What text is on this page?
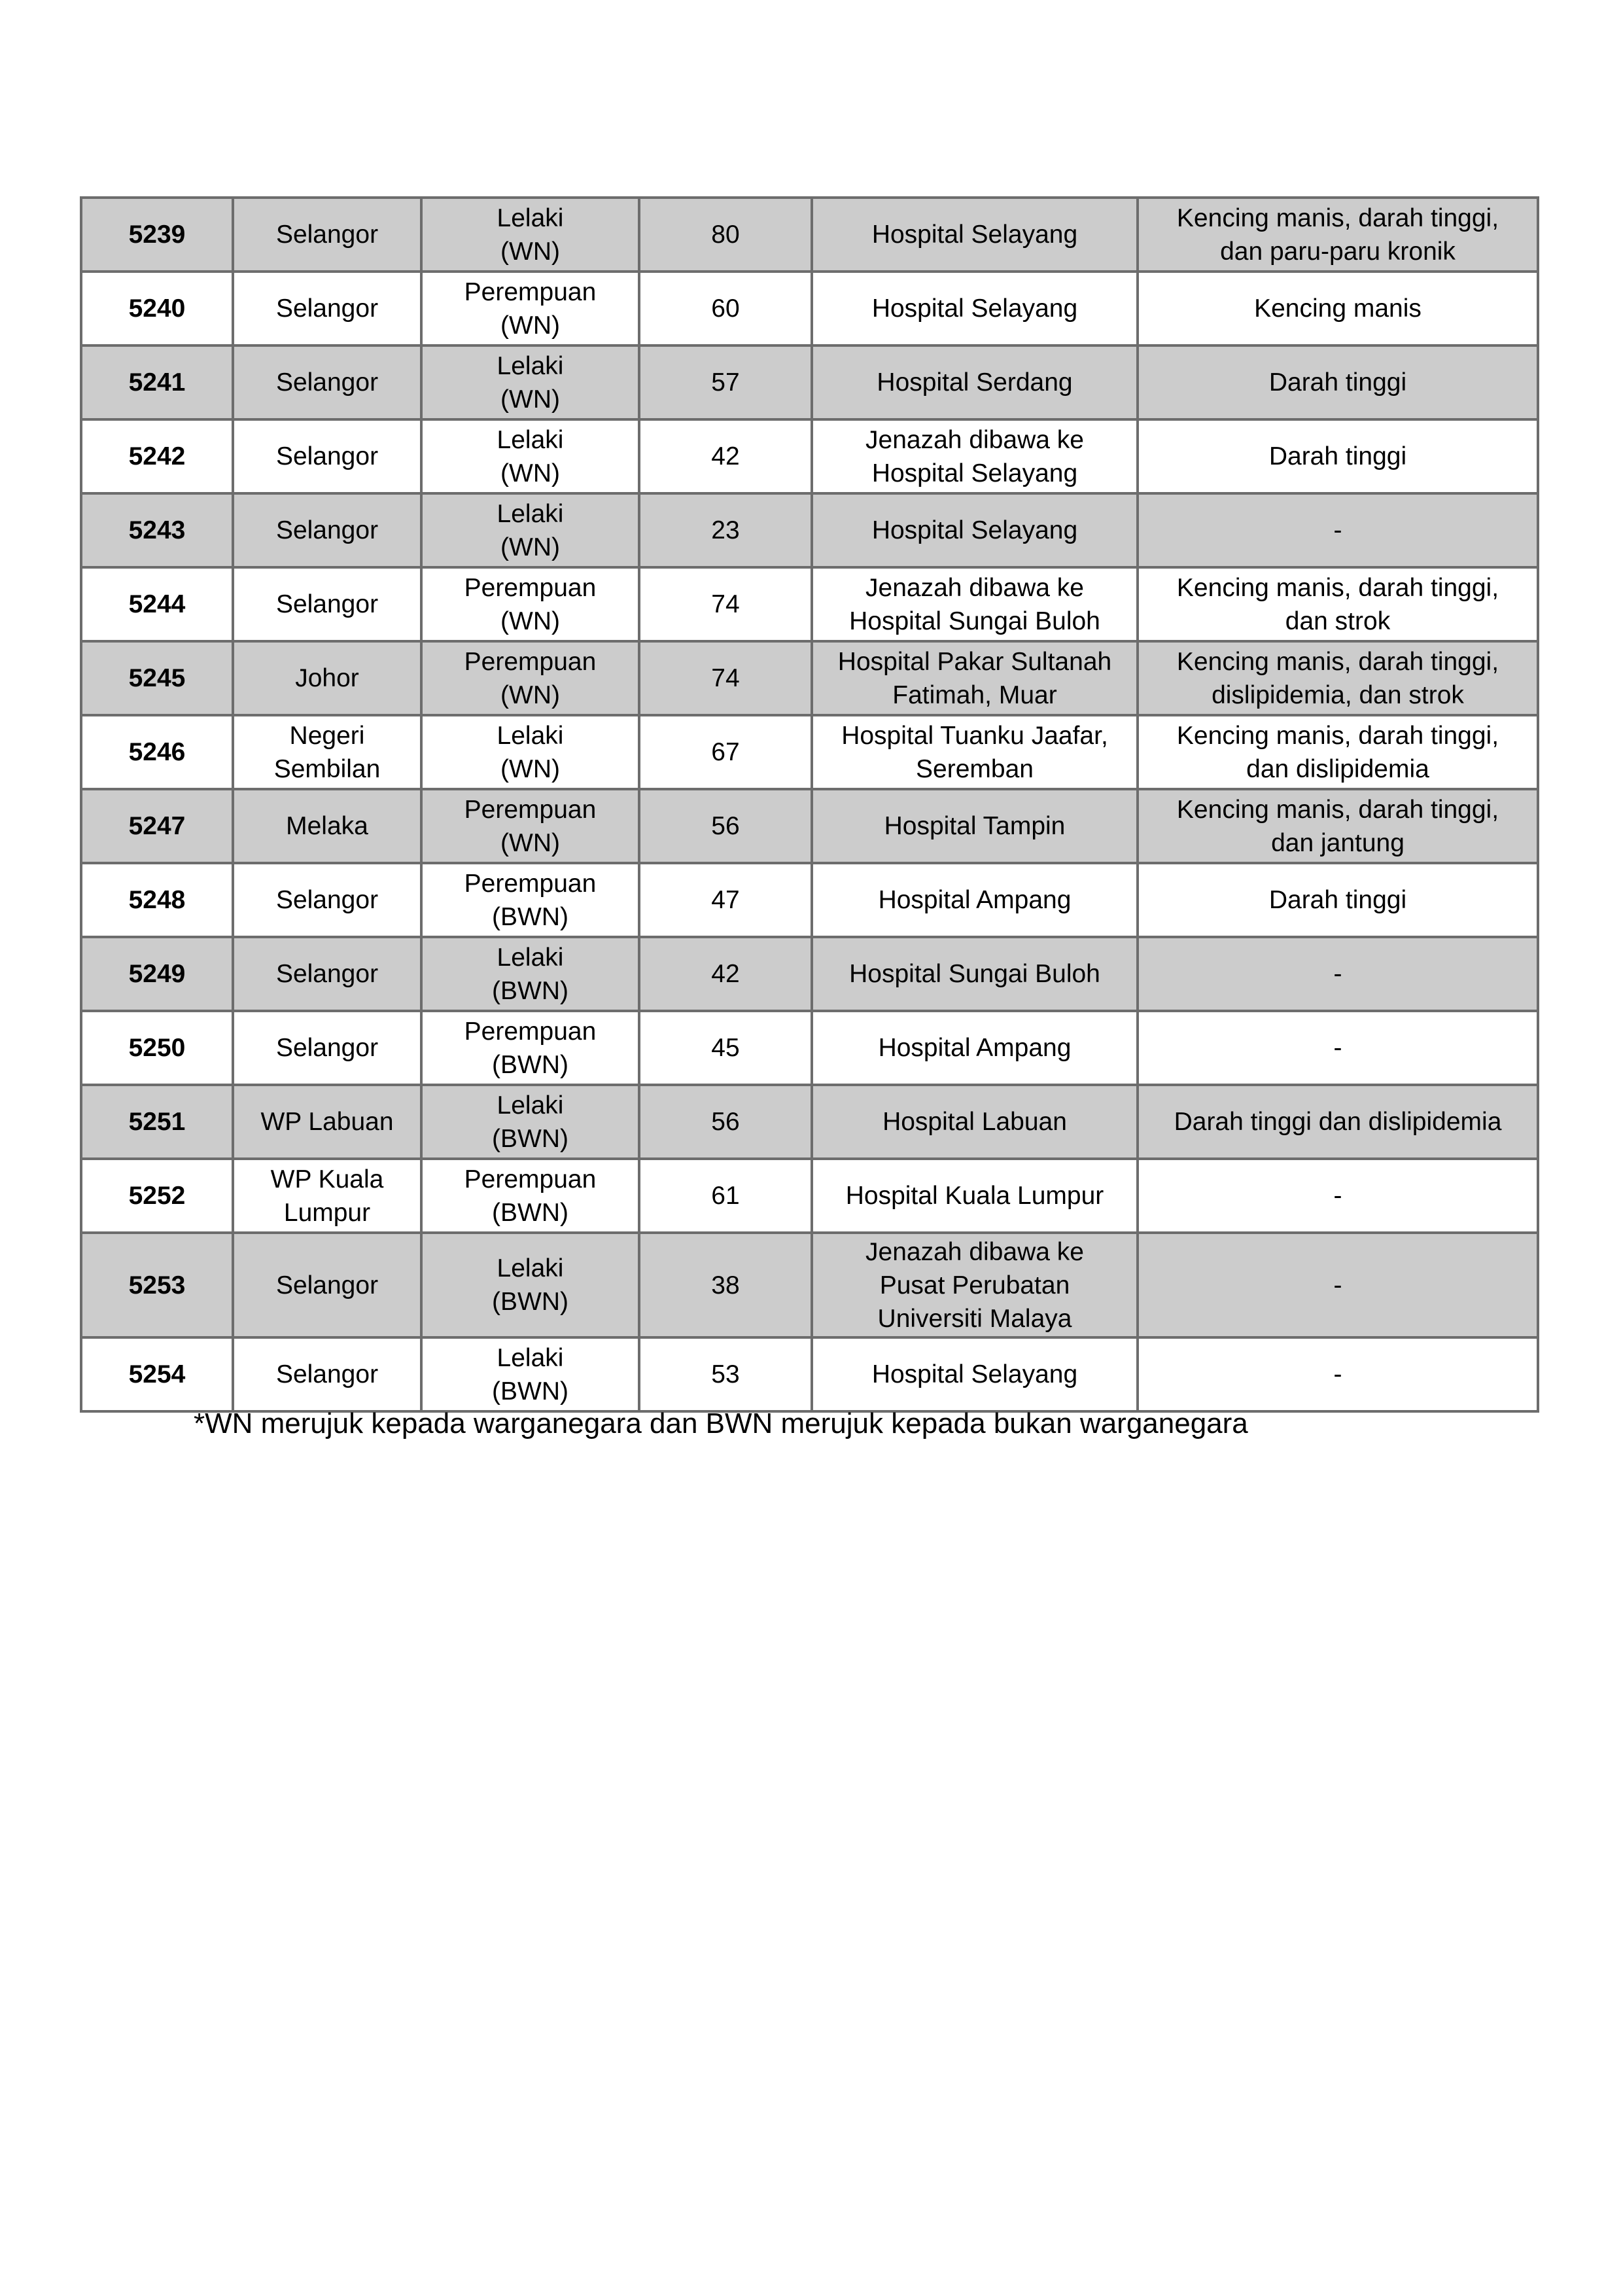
5239	Selangor	Lelaki
(WN)	80	Hospital Selayang	Kencing manis, darah tinggi,
dan paru-paru kronik

5240	Selangor	Perempuan
(WN)	60	Hospital Selayang	Kencing manis

5241	Selangor	Lelaki
(WN)	57	Hospital Serdang	Darah tinggi

5242	Selangor	Lelaki
(WN)	42	Jenazah dibawa ke
Hospital Selayang	Darah tinggi

5243	Selangor	Lelaki
(WN)	23	Hospital Selayang	-

5244	Selangor	Perempuan
(WN)	74	Jenazah dibawa ke
Hospital Sungai Buloh	Kencing manis, darah tinggi,
dan strok

5245	Johor	Perempuan
(WN)	74	Hospital Pakar Sultanah
Fatimah, Muar	Kencing manis, darah tinggi,
dislipidemia, dan strok

5246	Negeri
Sembilan	Lelaki
(WN)	67	Hospital Tuanku Jaafar,
Seremban	Kencing manis, darah tinggi,
dan dislipidemia

5247	Melaka	Perempuan
(WN)	56	Hospital Tampin	Kencing manis, darah tinggi,
dan jantung

5248	Selangor	Perempuan
(BWN)	47	Hospital Ampang	Darah tinggi

5249	Selangor	Lelaki
(BWN)	42	Hospital Sungai Buloh	-

5250	Selangor	Perempuan
(BWN)	45	Hospital Ampang	-

5251	WP Labuan	Lelaki
(BWN)	56	Hospital Labuan	Darah tinggi dan dislipidemia

5252	WP Kuala
Lumpur	Perempuan
(BWN)	61	Hospital Kuala Lumpur	-

5253	Selangor	Lelaki
(BWN)	38	Jenazah dibawa ke
Pusat Perubatan
Universiti Malaya	-

5254	Selangor	Lelaki
(BWN)	53	Hospital Selayang	-
*WN merujuk kepada warganegara dan BWN merujuk kepada bukan warganegara
